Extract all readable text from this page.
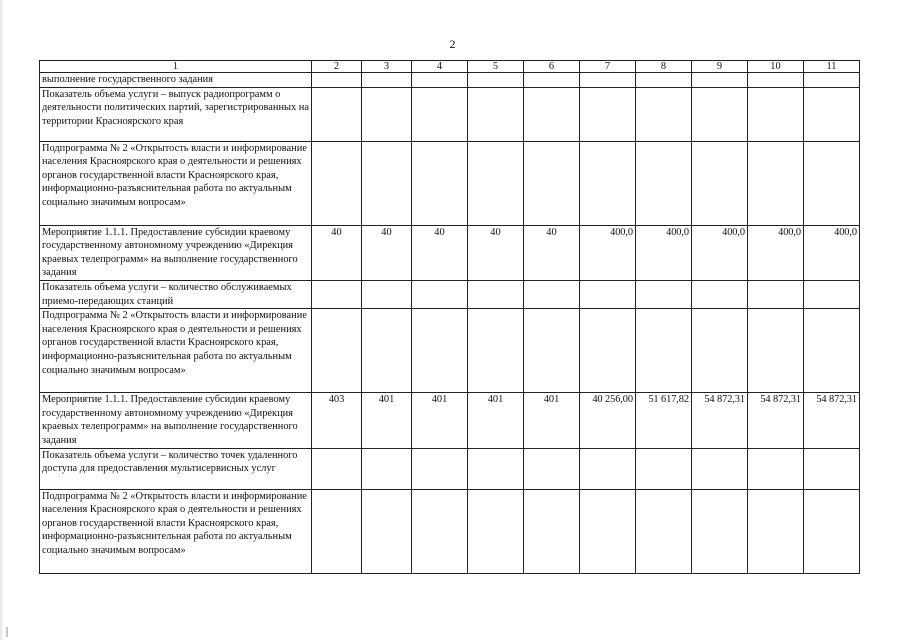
2
1	2	3	4	5	6	7	8	9	10	11
выполнение государственного задания										
Показатель объема услуги – выпуск радиопрограмм о деятельности политических партий, зарегистрированных на территории Красноярского края										
Подпрограмма № 2 «Открытость власти и информирование населения Красноярского края о деятельности и решениях органов государственной власти Красноярского края, информационно-разъяснительная работа по актуальным социально значимым вопросам»										
Мероприятие 1.1.1. Предоставление субсидии краевому государственному автономному учреждению «Дирекция краевых телепрограмм» на выполнение государственного задания	40	40	40	40	40	400,0	400,0	400,0	400,0	400,0
Показатель объема услуги – количество обслуживаемых приемо-передающих станций										
Подпрограмма № 2 «Открытость власти и информирование населения Красноярского края о деятельности и решениях органов государственной власти Красноярского края, информационно-разъяснительная работа по актуальным социально значимым вопросам»										
Мероприятие 1.1.1. Предоставление субсидии краевому государственному автономному учреждению «Дирекция краевых телепрограмм» на выполнение государственного задания	403	401	401	401	401	40 256,00	51 617,82	54 872,31	54 872,31	54 872,31
Показатель объема услуги – количество точек удаленного доступа для предоставления мультисервисных услуг										
Подпрограмма № 2 «Открытость власти и информирование населения Красноярского края о деятельности и решениях органов государственной власти Красноярского края, информационно-разъяснительная работа по актуальным социально значимым вопросам»										
